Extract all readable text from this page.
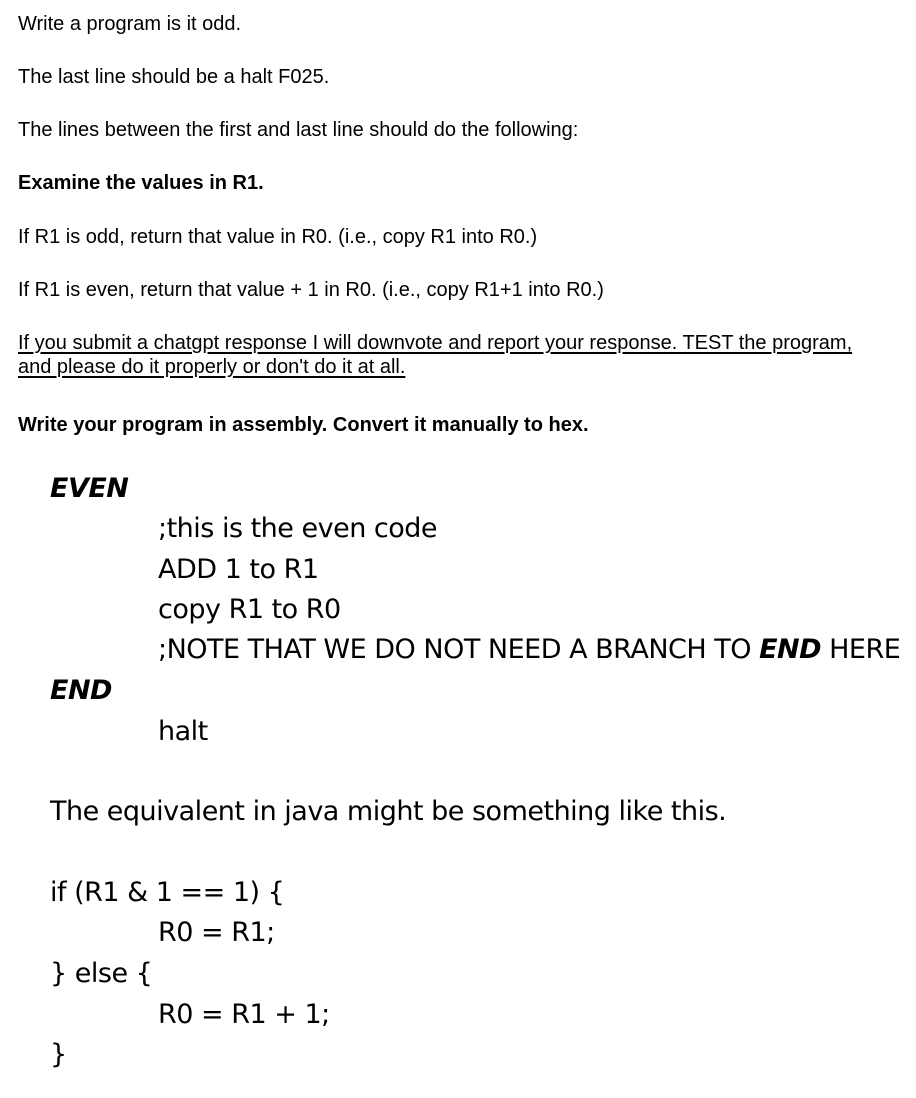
Write a program is it odd.

The last line should be a halt F025.

The lines between the first and last line should do the following:

Examine the values in R1.

If R1 is odd, return that value in R0. (i.e., copy R1 into R0.)

If R1 is even, return that value + 1 in R0. (i.e., copy R1+1 into R0.)

If you submit a chatgpt response I will downvote and report your response. TEST the program, and please do it properly or don't do it at all.

Write your program in assembly. Convert it manually to hex.

EVEN

;this is the even code

ADD 1 to R1

copy R1 to R0

;NOTE THAT WE DO NOT NEED A BRANCH TO END HERE

END

halt

The equivalent in java might be something like this.

if (R1 & 1 == 1) {

R0 = R1;

} else {

R0 = R1 + 1;

}
